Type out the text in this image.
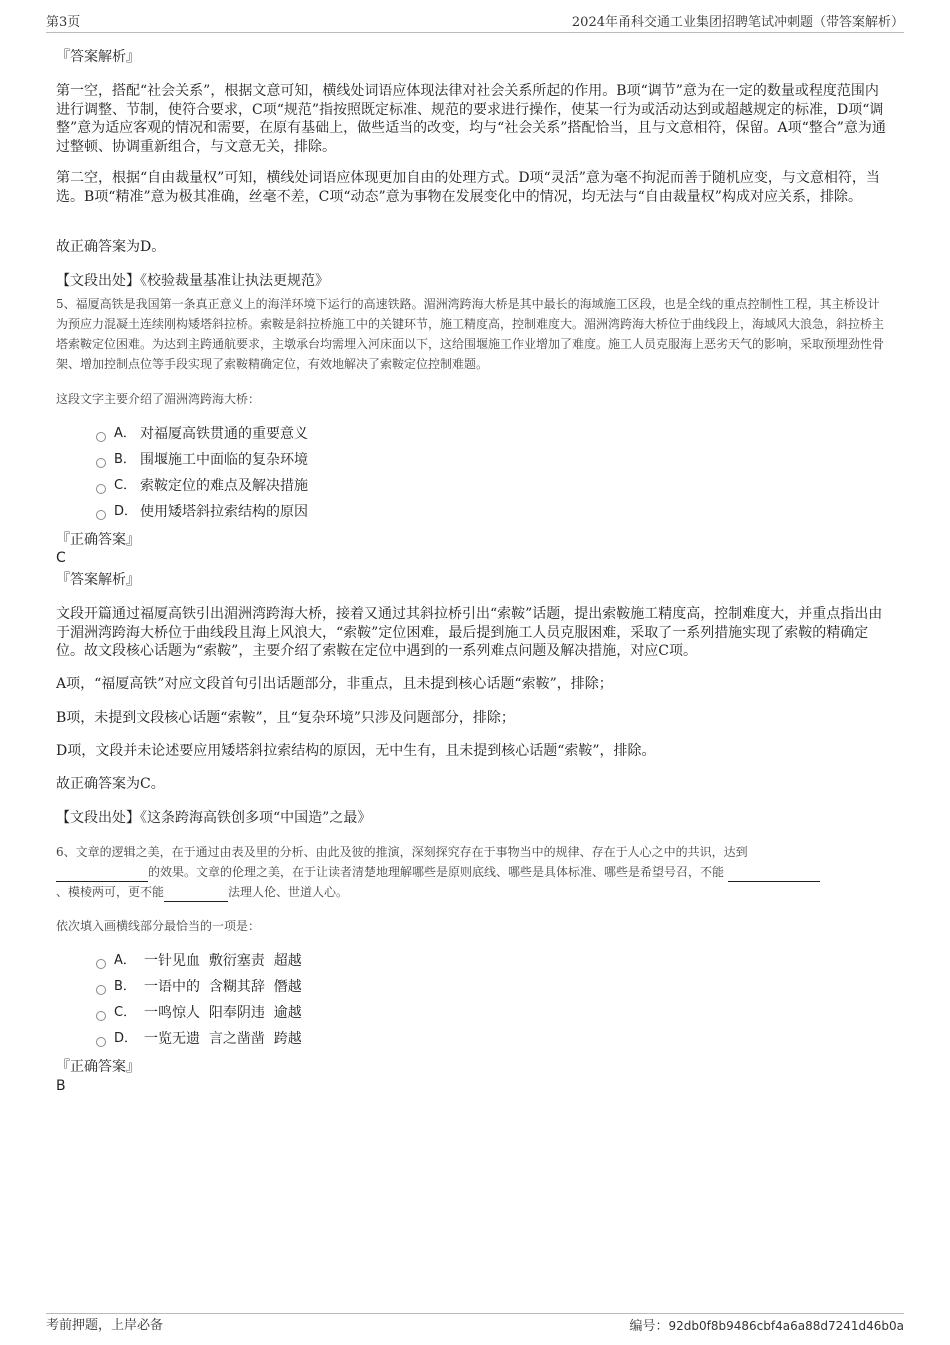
第3页	2024年甬科交通工业集团招聘笔试冲刺题（带答案解析）
『答案解析』

第一空，搭配“社会关系”，根据文意可知，横线处词语应体现法律对社会关系所起的作用。B项“调节”意为在一定的数量或程度范围内进行调整、节制，使符合要求，C项“规范”指按照既定标准、规范的要求进行操作，使某一行为或活动达到或超越规定的标准，D项“调整”意为适应客观的情况和需要，在原有基础上，做些适当的改变，均与“社会关系”搭配恰当，且与文意相符，保留。A项“整合”意为通过整顿、协调重新组合，与文意无关，排除。

第二空，根据“自由裁量权”可知，横线处词语应体现更加自由的处理方式。D项“灵活”意为毫不拘泥而善于随机应变，与文意相符，当选。B项“精准”意为极其准确，丝毫不差，C项“动态”意为事物在发展变化中的情况，均无法与“自由裁量权”构成对应关系，排除。

故正确答案为D。
【文段出处】《校验裁量基准让执法更规范》

5、福厦高铁是我国第一条真正意义上的海洋环境下运行的高速铁路。湄洲湾跨海大桥是其中最长的海域施工区段，也是全线的重点控制性工程，其主桥设计为预应力混凝土连续刚构矮塔斜拉桥。索鞍是斜拉桥施工中的关键环节，施工精度高，控制难度大。湄洲湾跨海大桥位于曲线段上，海域风大浪急，斜拉桥主塔索鞍定位困难。为达到主跨通航要求，主墩承台均需埋入河床面以下，这给围堰施工作业增加了难度。施工人员克服海上恶劣天气的影响，采取预埋劲性骨架、增加控制点位等手段实现了索鞍精确定位，有效地解决了索鞍定位控制难题。

这段文字主要介绍了湄洲湾跨海大桥：
A． 对福厦高铁贯通的重要意义
B． 围堰施工中面临的复杂环境
C． 索鞍定位的难点及解决措施
D． 使用矮塔斜拉索结构的原因
『正确答案』
C
『答案解析』

文段开篇通过福厦高铁引出湄洲湾跨海大桥，接着又通过其斜拉桥引出“索鞍”话题，提出索鞍施工精度高，控制难度大，并重点指出由于湄洲湾跨海大桥位于曲线段且海上风浪大，“索鞍”定位困难，最后提到施工人员克服困难，采取了一系列措施实现了索鞍的精确定位。故文段核心话题为“索鞍”，主要介绍了索鞍在定位中遇到的一系列难点问题及解决措施，对应C项。

A项，“福厦高铁”对应文段首句引出话题部分，非重点，且未提到核心话题“索鞍”，排除；
B项，未提到文段核心话题“索鞍”，且“复杂环境”只涉及问题部分，排除；
D项，文段并未论述要应用矮塔斜拉索结构的原因，无中生有，且未提到核心话题“索鞍”，排除。
故正确答案为C。
【文段出处】《这条跨海高铁创多项“中国造”之最》
6、文章的逻辑之美，在于通过由表及里的分析、由此及彼的推演，深刻探究存在于事物当中的规律、存在于人心之中的共识，达到
的效果。文章的伦理之美，在于让读者清楚地理解哪些是原则底线、哪些是具体标准、哪些是希望号召，不能
、模棱两可，更不能	法理人伦、世道人心。
依次填入画横线部分最恰当的一项是：
A． 一针见血  敷衍塞责  超越
B． 一语中的  含糊其辞  僭越
C． 一鸣惊人  阳奉阴违  逾越
D． 一览无遗  言之凿凿  跨越
『正确答案』
B
考前押题，上岸必备	编号：92db0f8b9486cbf4a6a88d7241d46b0a
